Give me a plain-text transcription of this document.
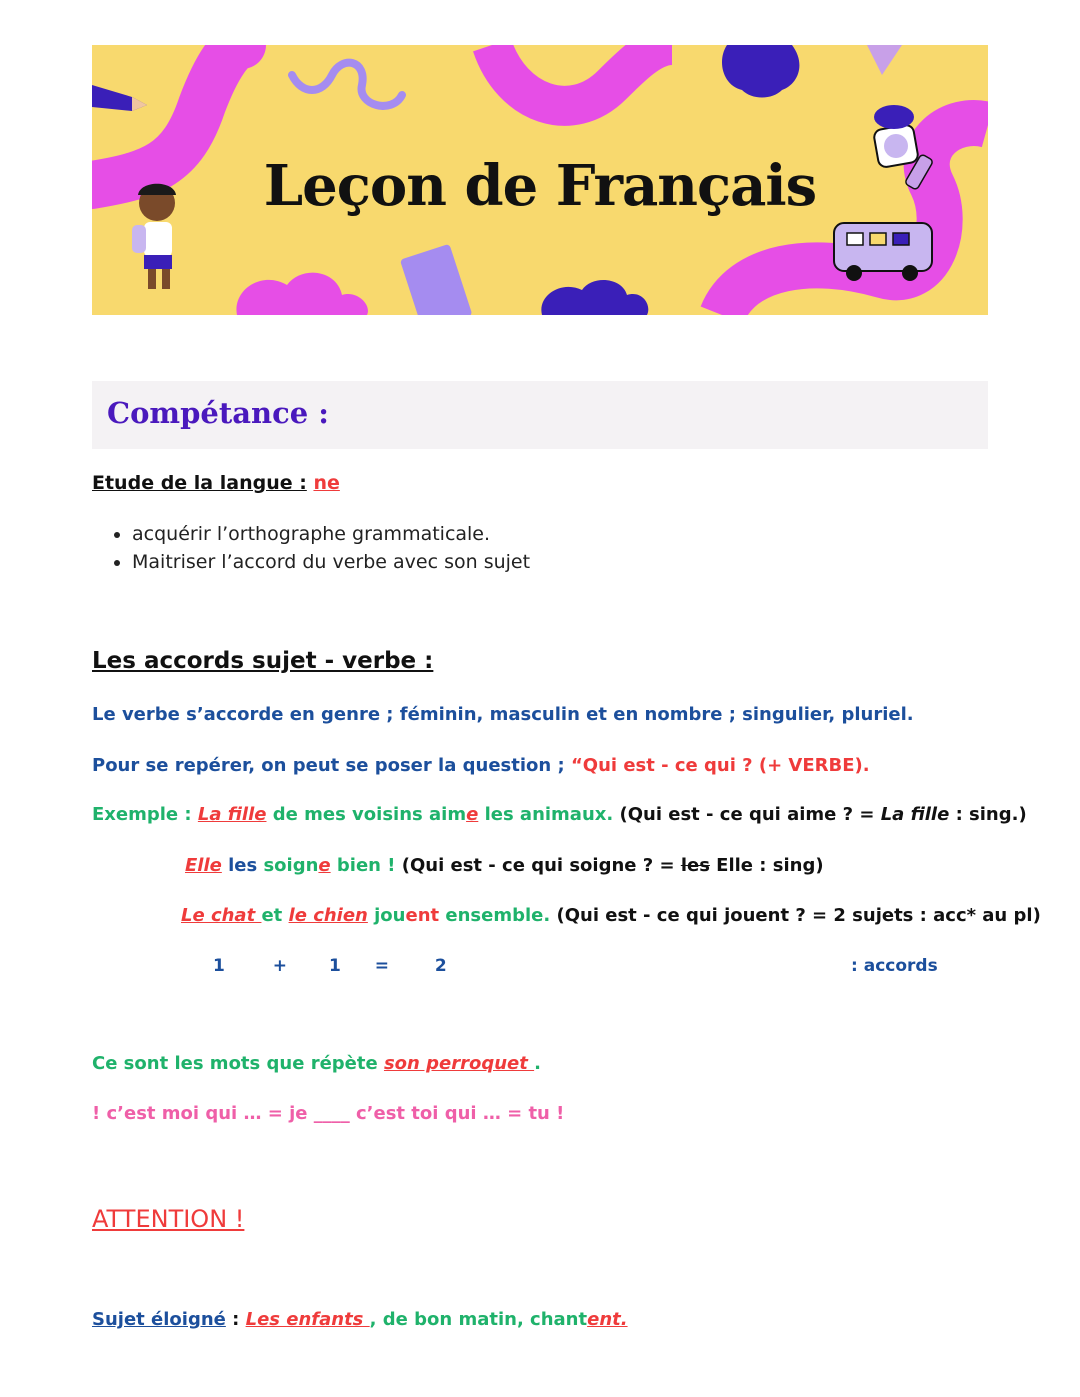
Leçon de Français
Compétance :
Etude de la langue : ne
• acquérir l’orthographe grammaticale.
• Maitriser l’accord du verbe avec son sujet
Les accords sujet - verbe :
Le verbe s’accorde en genre ; féminin, masculin et en nombre ; singulier, pluriel.
Pour se repérer, on peut se poser la question ; “Qui est - ce qui ? (+ VERBE).
Exemple : La fille de mes voisins aime les animaux. (Qui est - ce qui aime ? = La fille : sing.)
Elle les soigne bien ! (Qui est - ce qui soigne ? = les Elle : sing)
Le chat et le chien jouent ensemble. (Qui est - ce qui jouent ? = 2 sujets : acc* au pl)
1	+ 1 =	2	: accords
Ce sont les mots que répète son perroquet .
! c’est moi qui … = je ____ c’est toi qui … = tu !
ATTENTION !
Sujet éloigné : Les enfants , de bon matin, chantent.
